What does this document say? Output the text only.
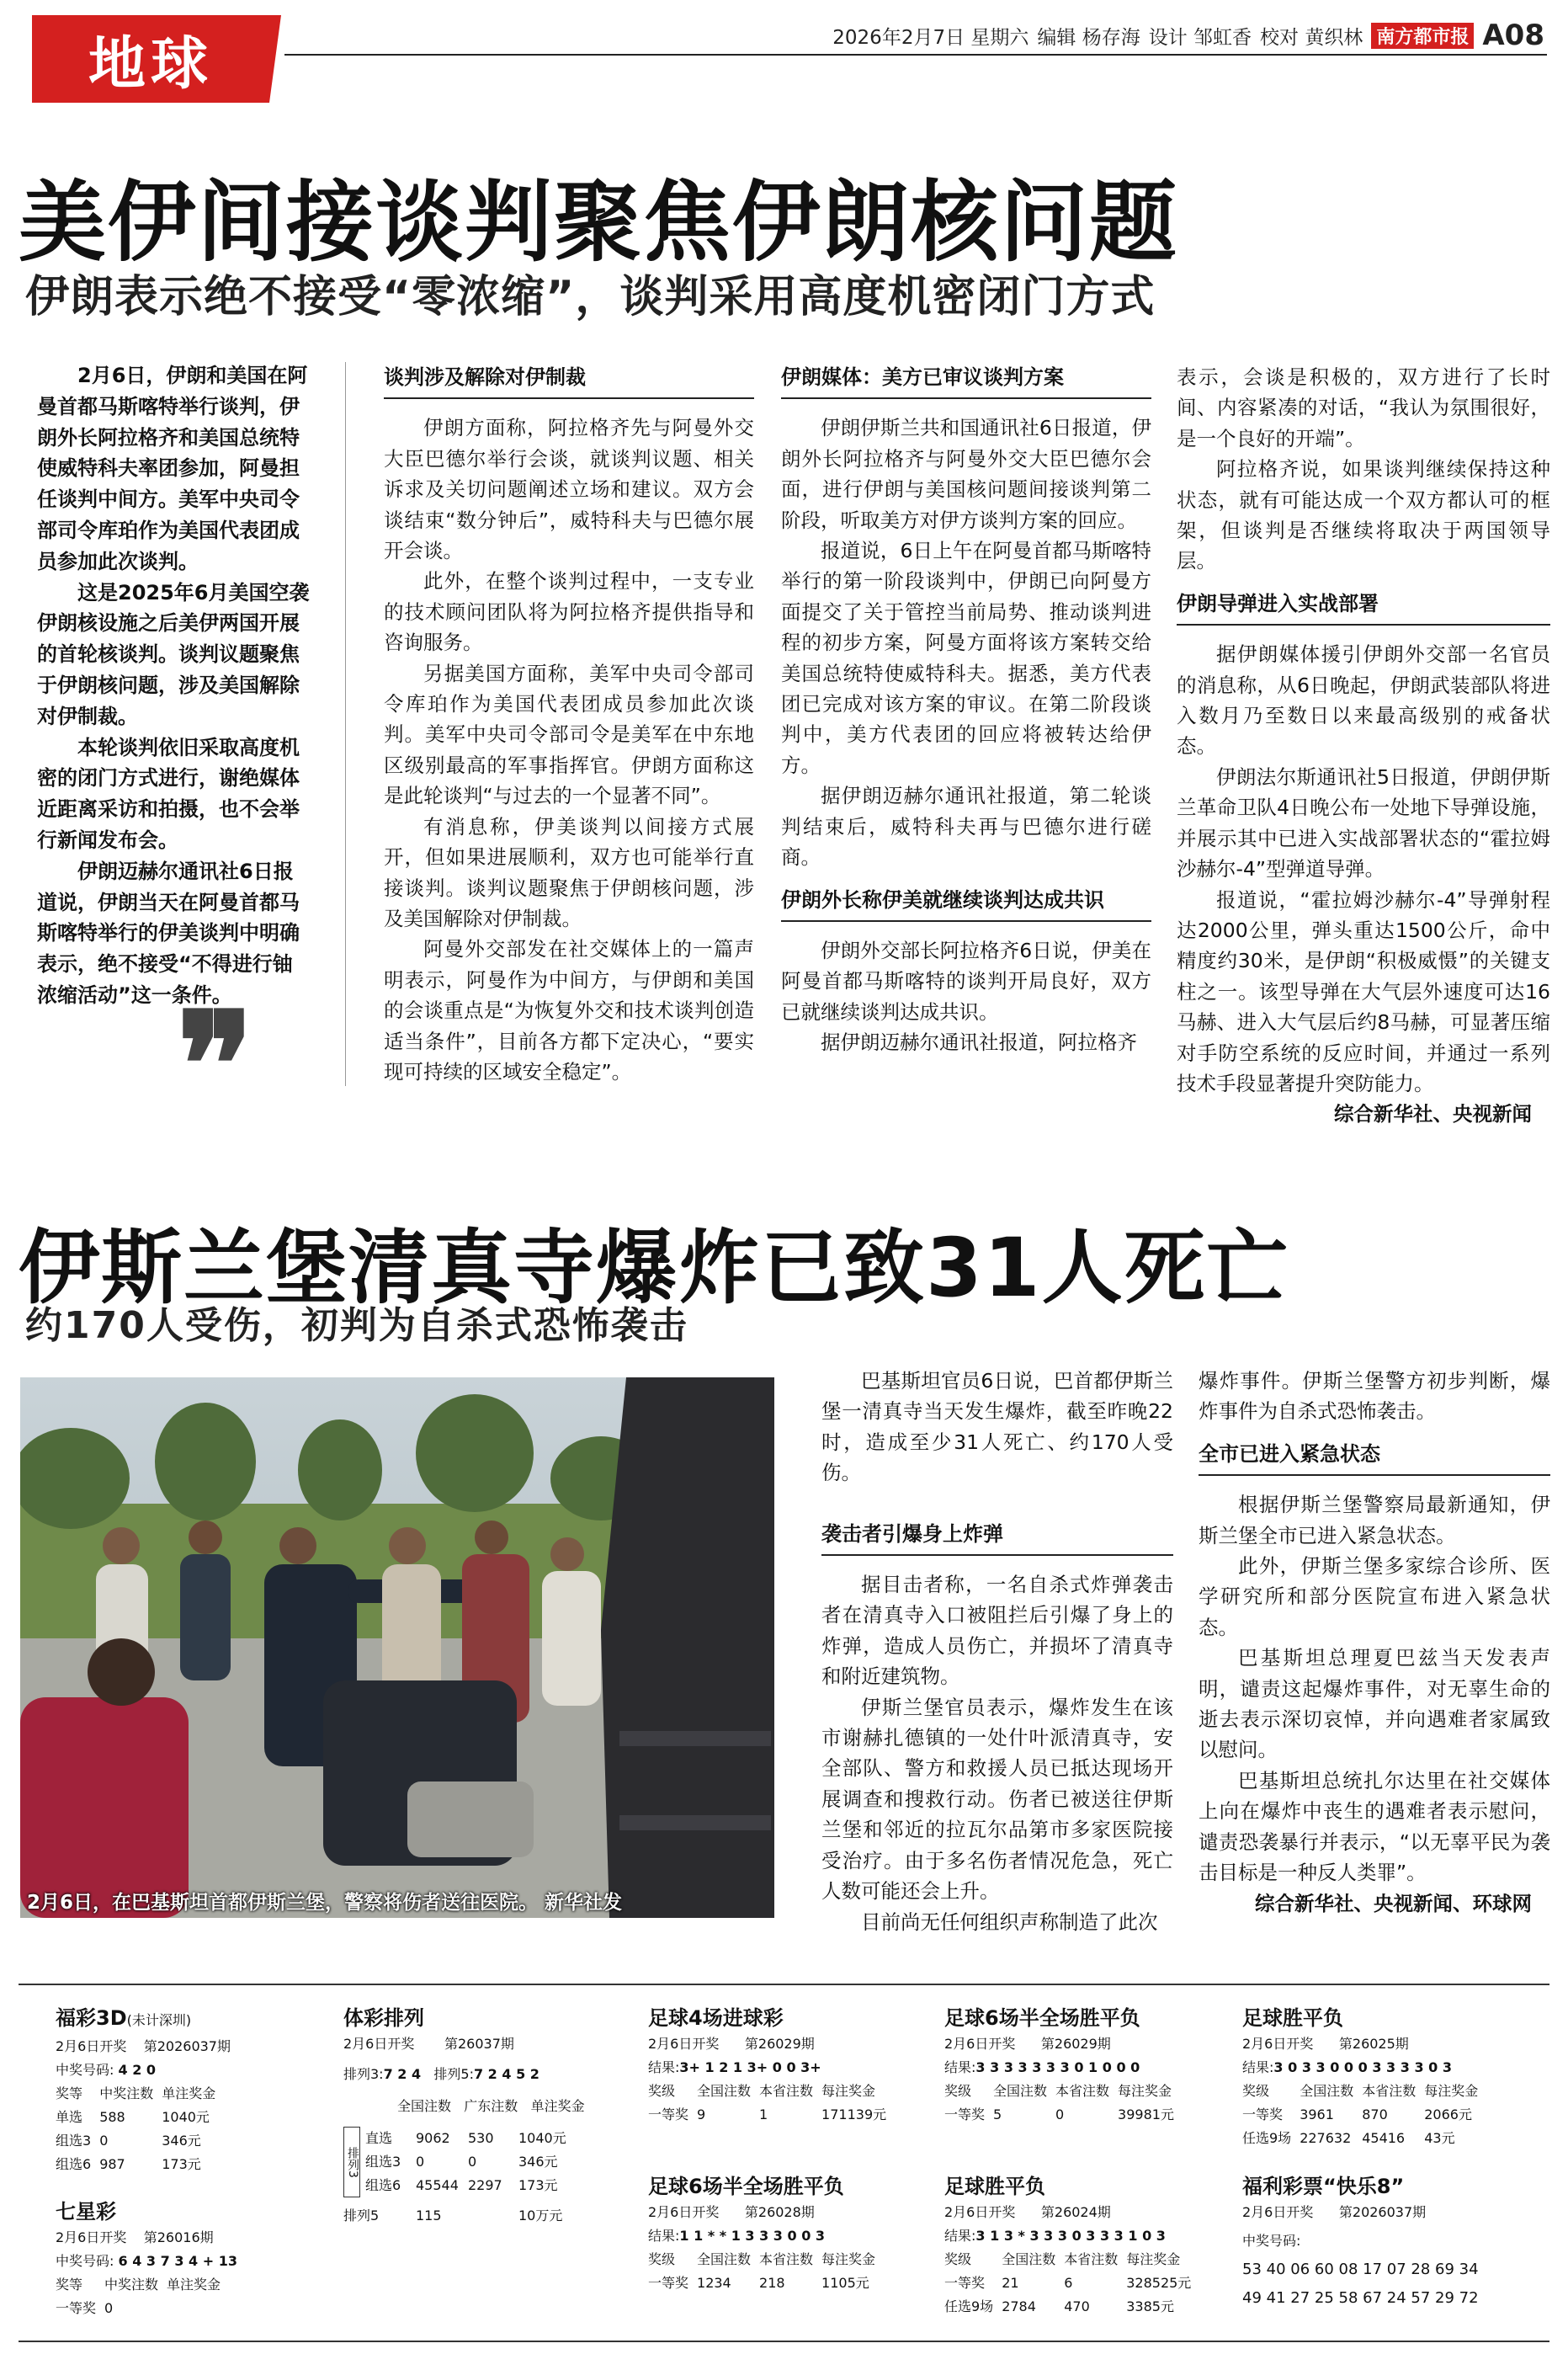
地球	2026年2月7日 星期六 编辑 杨存海 设计 邹虹香 校对 黄织林 南方都市报 A08
美伊间接谈判聚焦伊朗核问题
伊朗表示绝不接受“零浓缩”，谈判采用高度机密闭门方式

2月6日，伊朗和美国在阿曼首都马斯喀特举行谈判，伊朗外长阿拉格齐和美国总统特使威特科夫率团参加，阿曼担任谈判中间方。美军中央司令部司令库珀作为美国代表团成员参加此次谈判。

这是2025年6月美国空袭伊朗核设施之后美伊两国开展的首轮核谈判。谈判议题聚焦于伊朗核问题，涉及美国解除对伊制裁。

本轮谈判依旧采取高度机密的闭门方式进行，谢绝媒体近距离采访和拍摄，也不会举行新闻发布会。

伊朗迈赫尔通讯社6日报道说，伊朗当天在阿曼首都马斯喀特举行的伊美谈判中明确表示，绝不接受“不得进行铀浓缩活动”这一条件。

❞
谈判涉及解除对伊制裁

伊朗方面称，阿拉格齐先与阿曼外交大臣巴德尔举行会谈，就谈判议题、相关诉求及关切问题阐述立场和建议。双方会谈结束“数分钟后”，威特科夫与巴德尔展开会谈。

此外，在整个谈判过程中，一支专业的技术顾问团队将为阿拉格齐提供指导和咨询服务。

另据美国方面称，美军中央司令部司令库珀作为美国代表团成员参加此次谈判。美军中央司令部司令是美军在中东地区级别最高的军事指挥官。伊朗方面称这是此轮谈判“与过去的一个显著不同”。

有消息称，伊美谈判以间接方式展开，但如果进展顺利，双方也可能举行直接谈判。谈判议题聚焦于伊朗核问题，涉及美国解除对伊制裁。

阿曼外交部发在社交媒体上的一篇声明表示，阿曼作为中间方，与伊朗和美国的会谈重点是“为恢复外交和技术谈判创造适当条件”，目前各方都下定决心，“要实现可持续的区域安全稳定”。

伊朗媒体：美方已审议谈判方案

伊朗伊斯兰共和国通讯社6日报道，伊朗外长阿拉格齐与阿曼外交大臣巴德尔会面，进行伊朗与美国核问题间接谈判第二阶段，听取美方对伊方谈判方案的回应。

报道说，6日上午在阿曼首都马斯喀特举行的第一阶段谈判中，伊朗已向阿曼方面提交了关于管控当前局势、推动谈判进程的初步方案，阿曼方面将该方案转交给美国总统特使威特科夫。据悉，美方代表团已完成对该方案的审议。在第二阶段谈判中，美方代表团的回应将被转达给伊方。

据伊朗迈赫尔通讯社报道，第二轮谈判结束后，威特科夫再与巴德尔进行磋商。

伊朗外长称伊美就继续谈判达成共识

伊朗外交部长阿拉格齐6日说，伊美在阿曼首都马斯喀特的谈判开局良好，双方已就继续谈判达成共识。

据伊朗迈赫尔通讯社报道，阿拉格齐

表示，会谈是积极的，双方进行了长时间、内容紧凑的对话，“我认为氛围很好，是一个良好的开端”。

阿拉格齐说，如果谈判继续保持这种状态，就有可能达成一个双方都认可的框架，但谈判是否继续将取决于两国领导层。

伊朗导弹进入实战部署

据伊朗媒体援引伊朗外交部一名官员的消息称，从6日晚起，伊朗武装部队将进入数月乃至数日以来最高级别的戒备状态。

伊朗法尔斯通讯社5日报道，伊朗伊斯兰革命卫队4日晚公布一处地下导弹设施，并展示其中已进入实战部署状态的“霍拉姆沙赫尔-4”型弹道导弹。

报道说，“霍拉姆沙赫尔-4”导弹射程达2000公里，弹头重达1500公斤，命中精度约30米，是伊朗“积极威慑”的关键支柱之一。该型导弹在大气层外速度可达16马赫、进入大气层后约8马赫，可显著压缩对手防空系统的反应时间，并通过一系列技术手段显著提升突防能力。

综合新华社、央视新闻

伊斯兰堡清真寺爆炸已致31人死亡
约170人受伤，初判为自杀式恐怖袭击
2月6日，在巴基斯坦首都伊斯兰堡，警察将伤者送往医院。 新华社发

巴基斯坦官员6日说，巴首都伊斯兰堡一清真寺当天发生爆炸，截至昨晚22时，造成至少31人死亡、约170人受伤。

袭击者引爆身上炸弹

据目击者称，一名自杀式炸弹袭击者在清真寺入口被阻拦后引爆了身上的炸弹，造成人员伤亡，并损坏了清真寺和附近建筑物。

伊斯兰堡官员表示，爆炸发生在该市谢赫扎德镇的一处什叶派清真寺，安全部队、警方和救援人员已抵达现场开展调查和搜救行动。伤者已被送往伊斯兰堡和邻近的拉瓦尔品第市多家医院接受治疗。由于多名伤者情况危急，死亡人数可能还会上升。

目前尚无任何组织声称制造了此次

爆炸事件。伊斯兰堡警方初步判断，爆炸事件为自杀式恐怖袭击。

全市已进入紧急状态

根据伊斯兰堡警察局最新通知，伊斯兰堡全市已进入紧急状态。

此外，伊斯兰堡多家综合诊所、医学研究所和部分医院宣布进入紧急状态。

巴基斯坦总理夏巴兹当天发表声明，谴责这起爆炸事件，对无辜生命的逝去表示深切哀悼，并向遇难者家属致以慰问。

巴基斯坦总统扎尔达里在社交媒体上向在爆炸中丧生的遇难者表示慰问，谴责恐袭暴行并表示，“以无辜平民为袭击目标是一种反人类罪”。

综合新华社、央视新闻、环球网

福彩3D(未计深圳)
2月6日开奖 第2026037期
中奖号码: 4 2 0
奖等	中奖注数	单注奖金
单选	588	1040元
组选3	0	346元
组选6	987	173元
七星彩
2月6日开奖 第26016期
中奖号码: 6 4 3 7 3 4 + 13
奖等	中奖注数	单注奖金
一等奖	0	
体彩排列
2月6日开奖 第26037期
排列3:7 2 4 排列5:7 2 4 5 2
全国注数 广东注数 单注奖金
排列3
直选	9062	530	1040元
组选3	0	0	346元
组选6	45544	2297	173元
排列5	115		10万元
足球4场进球彩
2月6日开奖 第26029期
结果:3+ 1 2 1 3+ 0 0 3+
奖级	全国注数	本省注数	每注奖金
一等奖	9	1	171139元
足球6场半全场胜平负
2月6日开奖 第26028期
结果:1 1 * * 1 3 3 3 0 0 3
奖级	全国注数	本省注数	每注奖金
一等奖	1234	218	1105元
足球6场半全场胜平负
2月6日开奖 第26029期
结果:3 3 3 3 3 3 3 0 1 0 0 0
奖级	全国注数	本省注数	每注奖金
一等奖	5	0	39981元
足球胜平负
2月6日开奖 第26024期
结果:3 1 3 * 3 3 3 0 3 3 3 1 0 3
奖级	全国注数	本省注数	每注奖金
一等奖	21	6	328525元
任选9场	2784	470	3385元
足球胜平负
2月6日开奖 第26025期
结果:3 0 3 3 0 0 0 3 3 3 3 0 3
奖级	全国注数	本省注数	每注奖金
一等奖	3961	870	2066元
任选9场	227632	45416	43元
福利彩票“快乐8”
2月6日开奖 第2026037期
中奖号码:
53 40 06 60 08 17 07 28 69 34
49 41 27 25 58 67 24 57 29 72
